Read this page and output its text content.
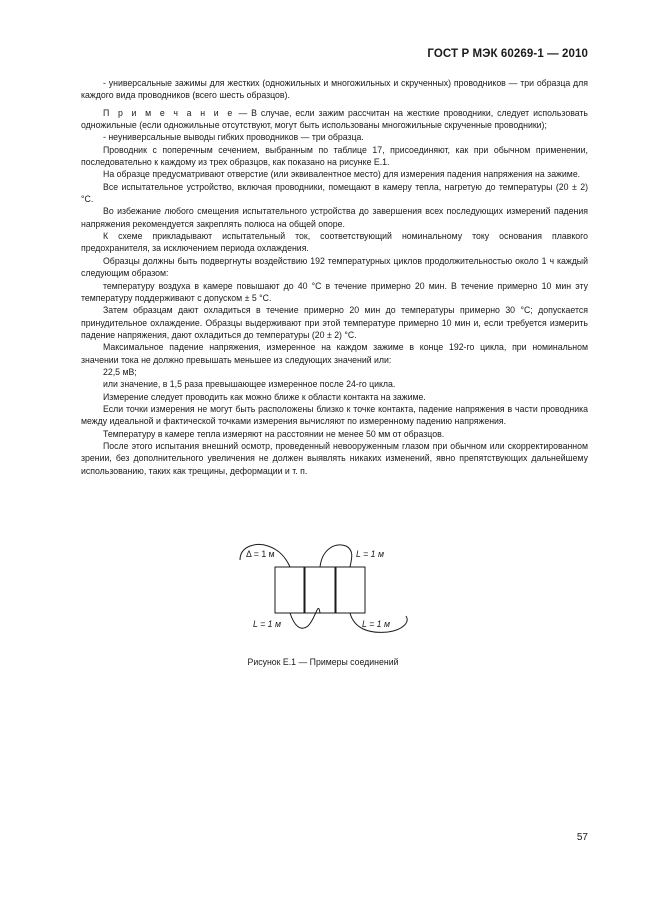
ГОСТ Р МЭК 60269-1 — 2010

- универсальные зажимы для жестких (одножильных и многожильных и скрученных) проводников — три образца для каждого вида проводников (всего шесть образцов).

П р и м е ч а н и е — В случае, если зажим рассчитан на жесткие проводники, следует использовать одножильные (если одножильные отсутствуют, могут быть использованы многожильные скрученные проводники);

- неуниверсальные выводы гибких проводников — три образца.

Проводник с поперечным сечением, выбранным по таблице 17, присоединяют, как при обычном применении, последовательно к каждому из трех образцов, как показано на рисунке Е.1.

На образце предусматривают отверстие (или эквивалентное место) для измерения падения напряжения на зажиме.

Все испытательное устройство, включая проводники, помещают в камеру тепла, нагретую до температуры (20 ± 2) °С.

Во избежание любого смещения испытательного устройства до завершения всех последующих измерений падения напряжения рекомендуется закреплять полюса на общей опоре.

К схеме прикладывают испытательный ток, соответствующий номинальному току основания плавкого предохранителя, за исключением периода охлаждения.

Образцы должны быть подвергнуты воздействию 192 температурных циклов продолжительностью около 1 ч каждый следующим образом:

температуру воздуха в камере повышают до 40 °С в течение примерно 20 мин. В течение примерно 10 мин эту температуру поддерживают с допуском ± 5 °С.

Затем образцам дают охладиться в течение примерно 20 мин до температуры примерно 30 °С; допускается принудительное охлаждение. Образцы выдерживают при этой температуре примерно 10 мин и, если требуется измерить падение напряжения, дают охладиться до температуры (20 ± 2) °С.

Максимальное падение напряжения, измеренное на каждом зажиме в конце 192-го цикла, при номинальном значении тока не должно превышать меньшее из следующих значений или:

22,5 мВ;

или значение, в 1,5 раза превышающее измеренное после 24-го цикла.

Измерение следует проводить как можно ближе к области контакта на зажиме.

Если точки измерения не могут быть расположены близко к точке контакта, падение напряжения в части проводника между идеальной и фактической точками измерения вычисляют по измеренному падению напряжения.

Температуру в камере тепла измеряют на расстоянии не менее 50 мм от образцов.

После этого испытания внешний осмотр, проведенный невооруженным глазом при обычном или скорректированном зрении, без дополнительного увеличения не должен выявлять никаких изменений, явно препятствующих дальнейшему использованию, таких как трещины, деформации и т. п.

Δ = 1 м	L = 1 м
L = 1 м	L = 1 м
Рисунок Е.1 — Примеры соединений
57
